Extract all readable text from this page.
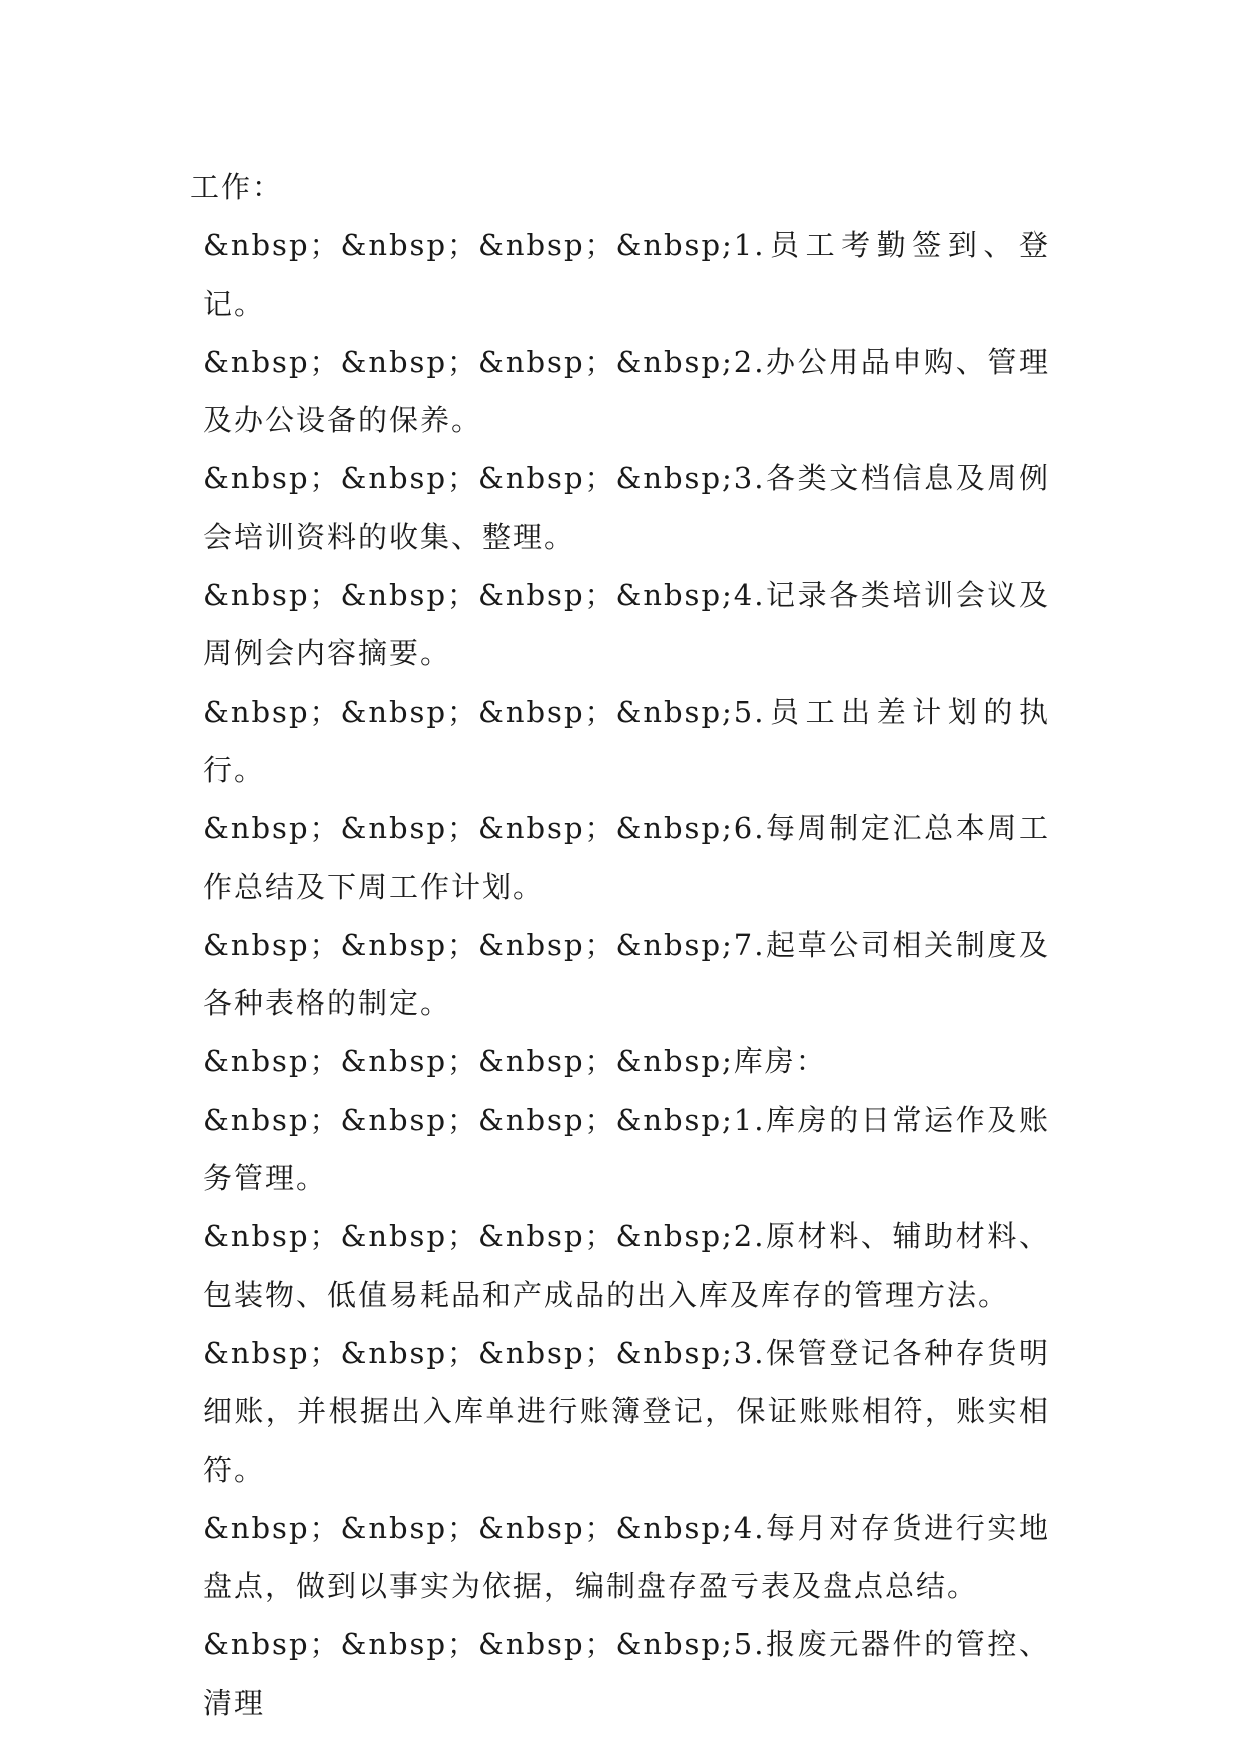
工作：

&nbsp；&nbsp；&nbsp；&nbsp;1.员工考勤签到、登记。

&nbsp；&nbsp；&nbsp；&nbsp;2.办公用品申购、管理及办公设备的保养。

&nbsp；&nbsp；&nbsp；&nbsp;3.各类文档信息及周例会培训资料的收集、整理。

&nbsp；&nbsp；&nbsp；&nbsp;4.记录各类培训会议及周例会内容摘要。

&nbsp；&nbsp；&nbsp；&nbsp;5.员工出差计划的执行。

&nbsp；&nbsp；&nbsp；&nbsp;6.每周制定汇总本周工作总结及下周工作计划。

&nbsp；&nbsp；&nbsp；&nbsp;7.起草公司相关制度及各种表格的制定。

&nbsp；&nbsp；&nbsp；&nbsp;库房：

&nbsp；&nbsp；&nbsp；&nbsp;1.库房的日常运作及账务管理。

&nbsp；&nbsp；&nbsp；&nbsp;2.原材料、辅助材料、包装物、低值易耗品和产成品的出入库及库存的管理方法。

&nbsp；&nbsp；&nbsp；&nbsp;3.保管登记各种存货明细账，并根据出入库单进行账簿登记，保证账账相符，账实相符。

&nbsp；&nbsp；&nbsp；&nbsp;4.每月对存货进行实地盘点，做到以事实为依据，编制盘存盈亏表及盘点总结。

&nbsp；&nbsp；&nbsp；&nbsp;5.报废元器件的管控、清理
